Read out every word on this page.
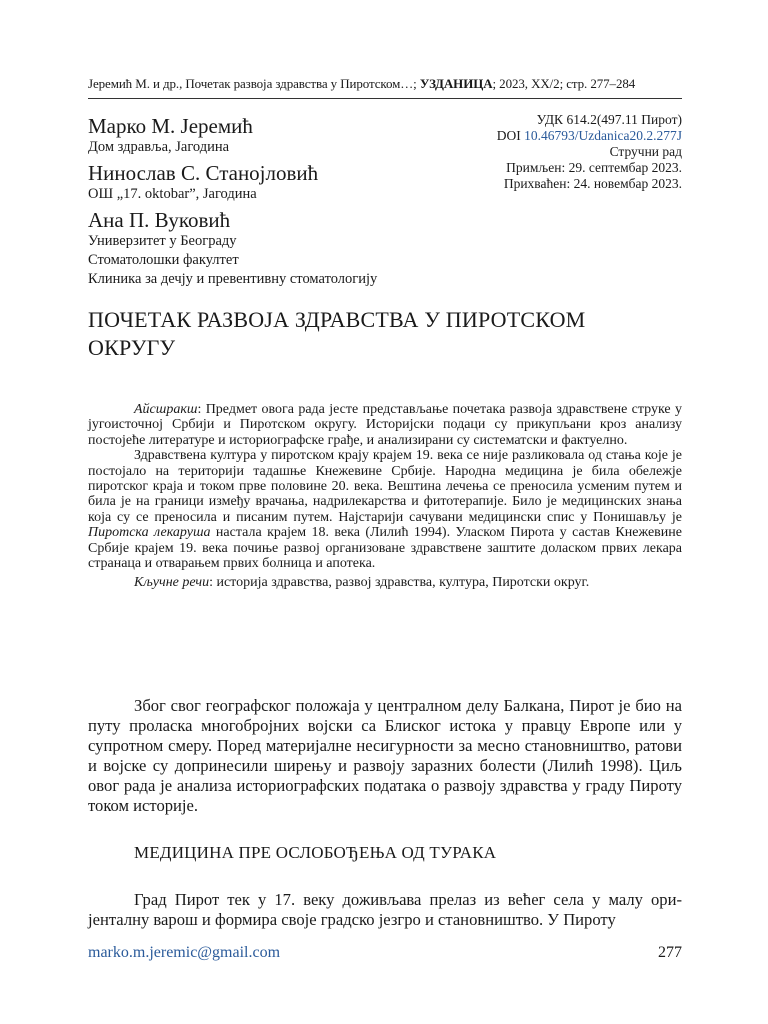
Јеремић М. и др., Почетак развоја здравства у Пиротском…; УЗДАНИЦА; 2023, XX/2; стр. 277–284
Марко М. Јеремић
Дом здравља, Јагодина
Нинослав С. Станојловић
ОШ „17. oktobar”, Јагодина
Ана П. Вуковић
Универзитет у Београду
Стоматолошки факултет
Клиника за дечју и превентивну стоматологију
УДК 614.2(497.11 Пирот)
DOI 10.46793/Uzdanica20.2.277J
Стручни рад
Примљен: 29. септембар 2023.
Прихваћен: 24. новембар 2023.
ПОЧЕТАК РАЗВОЈА ЗДРАВСТВА У ПИРОТСКОМ ОКРУГУ

Айсшракш: Предмет овога рада јесте представљање почетака развоја здравствене струке у југоисточној Србији и Пиротском округу. Историјски подаци су прикупљани кроз анализу постојеће литературе и историографске грађе, и анализирани су систематски и фактуелно.

Здравствена култура у пиротском крају крајем 19. века се није разликовала од стања које је постојало на територији тадашње Кнежевине Србије. Народна медицина је била обележје пиротског краја и током прве половине 20. века. Вештина лечења се преносила усменим путем и била је на граници између врачања, надрилекарства и фитотерапије. Било је медицинских знања која су се преносила и писаним путем. Најстарији сачувани медицински спис у Понишављу је Пиротска лекаруша настала крајем 18. века (Лилић 1994). Уласком Пирота у састав Кнежевине Србије крајем 19. века почиње развој организоване здравствене заштите доласком првих лекара странаца и отварањем првих болница и апотека.

Кључне речи: историја здравства, развој здравства, култура, Пиротски округ.

Због свог географског положаја у централном делу Балкана, Пирот је био на путу проласка многобројних војски са Блиског истока у правцу Европе или у супротном смеру. Поред материјалне несигурности за месно становништво, ратови и војске су допринесили ширењу и развоју заразних болести (Лилић 1998). Циљ овог рада је анализа историографских података о развоју здравства у граду Пироту током историје.

МЕДИЦИНА ПРЕ ОСЛОБОЂЕЊА ОД ТУРАКА

Град Пирот тек у 17. веку доживљава прелаз из већег села у малу оријенталну варош и формира своје градско језгро и становништво. У Пироту

marko.m.jeremic@gmail.com	277
